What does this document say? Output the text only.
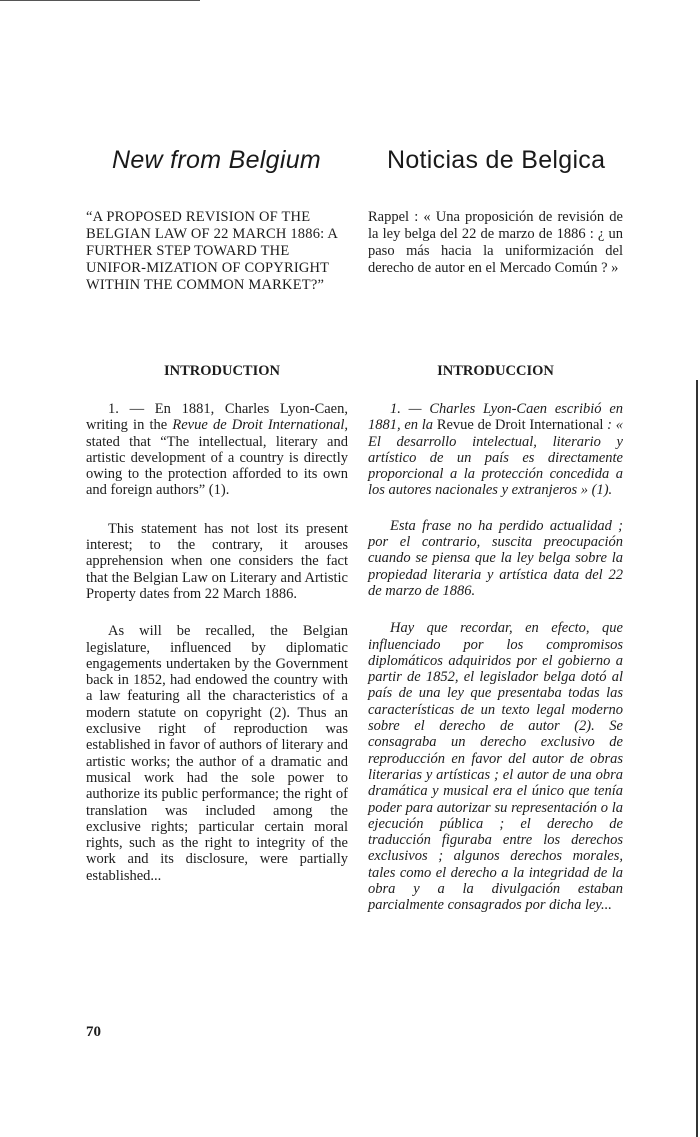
New from Belgium	Noticias de Belgica

“A PROPOSED REVISION OF THE BELGIAN LAW OF 22 MARCH 1886: A FURTHER STEP TOWARD THE UNIFOR-MIZATION OF COPYRIGHT WITHIN THE COMMON MARKET?”

INTRODUCTION

1. — En 1881, Charles Lyon-Caen, writing in the Revue de Droit International, stated that “The intellectual, literary and artistic development of a country is directly owing to the protection afforded to its own and foreign authors” (1).

This statement has not lost its present interest; to the contrary, it arouses apprehension when one considers the fact that the Belgian Law on Literary and Artistic Property dates from 22 March 1886.

As will be recalled, the Belgian legislature, influenced by diplomatic engagements undertaken by the Government back in 1852, had endowed the country with a law featuring all the characteristics of a modern statute on copyright (2). Thus an exclusive right of reproduction was established in favor of authors of literary and artistic works; the author of a dramatic and musical work had the sole power to authorize its public performance; the right of translation was included among the exclusive rights; particular certain moral rights, such as the right to integrity of the work and its disclosure, were partially established...

Rappel : « Una proposición de revisión de la ley belga del 22 de marzo de 1886 : ¿ un paso más hacia la uniformización del derecho de autor en el Mercado Común ? »

INTRODUCCION

1. — Charles Lyon-Caen escribió en 1881, en la Revue de Droit International : « El desarrollo intelectual, literario y artístico de un país es directamente proporcional a la protección concedida a los autores nacionales y extranjeros » (1).

Esta frase no ha perdido actualidad ; por el contrario, suscita preocupación cuando se piensa que la ley belga sobre la propiedad literaria y artística data del 22 de marzo de 1886.

Hay que recordar, en efecto, que influenciado por los compromisos diplomáticos adquiridos por el gobierno a partir de 1852, el legislador belga dotó al país de una ley que presentaba todas las características de un texto legal moderno sobre el derecho de autor (2). Se consagraba un derecho exclusivo de reproducción en favor del autor de obras literarias y artísticas ; el autor de una obra dramática y musical era el único que tenía poder para autorizar su representación o la ejecución pública ; el derecho de traducción figuraba entre los derechos exclusivos ; algunos derechos morales, tales como el derecho a la integridad de la obra y a la divulgación estaban parcialmente consagrados por dicha ley...

70
